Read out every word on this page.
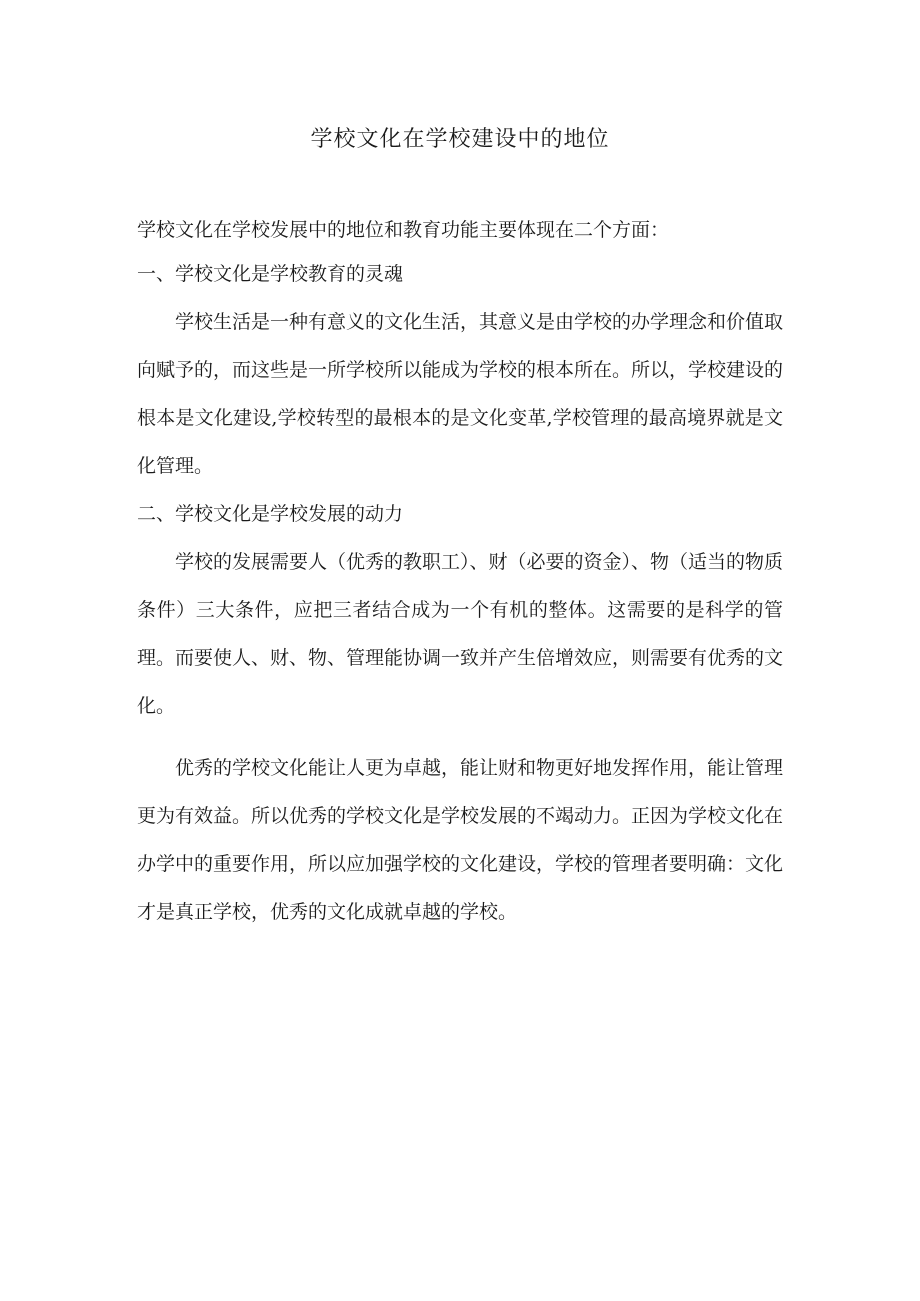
学校文化在学校建设中的地位

学校文化在学校发展中的地位和教育功能主要体现在二个方面：

一、学校文化是学校教育的灵魂

学校生活是一种有意义的文化生活，其意义是由学校的办学理念和价值取向赋予的，而这些是一所学校所以能成为学校的根本所在。所以，学校建设的根本是文化建设,学校转型的最根本的是文化变革,学校管理的最高境界就是文化管理。

二、学校文化是学校发展的动力

学校的发展需要人（优秀的教职工）、财（必要的资金）、物（适当的物质条件）三大条件，应把三者结合成为一个有机的整体。这需要的是科学的管理。而要使人、财、物、管理能协调一致并产生倍增效应，则需要有优秀的文化。

优秀的学校文化能让人更为卓越，能让财和物更好地发挥作用，能让管理更为有效益。所以优秀的学校文化是学校发展的不竭动力。正因为学校文化在办学中的重要作用，所以应加强学校的文化建设，学校的管理者要明确：文化才是真正学校，优秀的文化成就卓越的学校。
